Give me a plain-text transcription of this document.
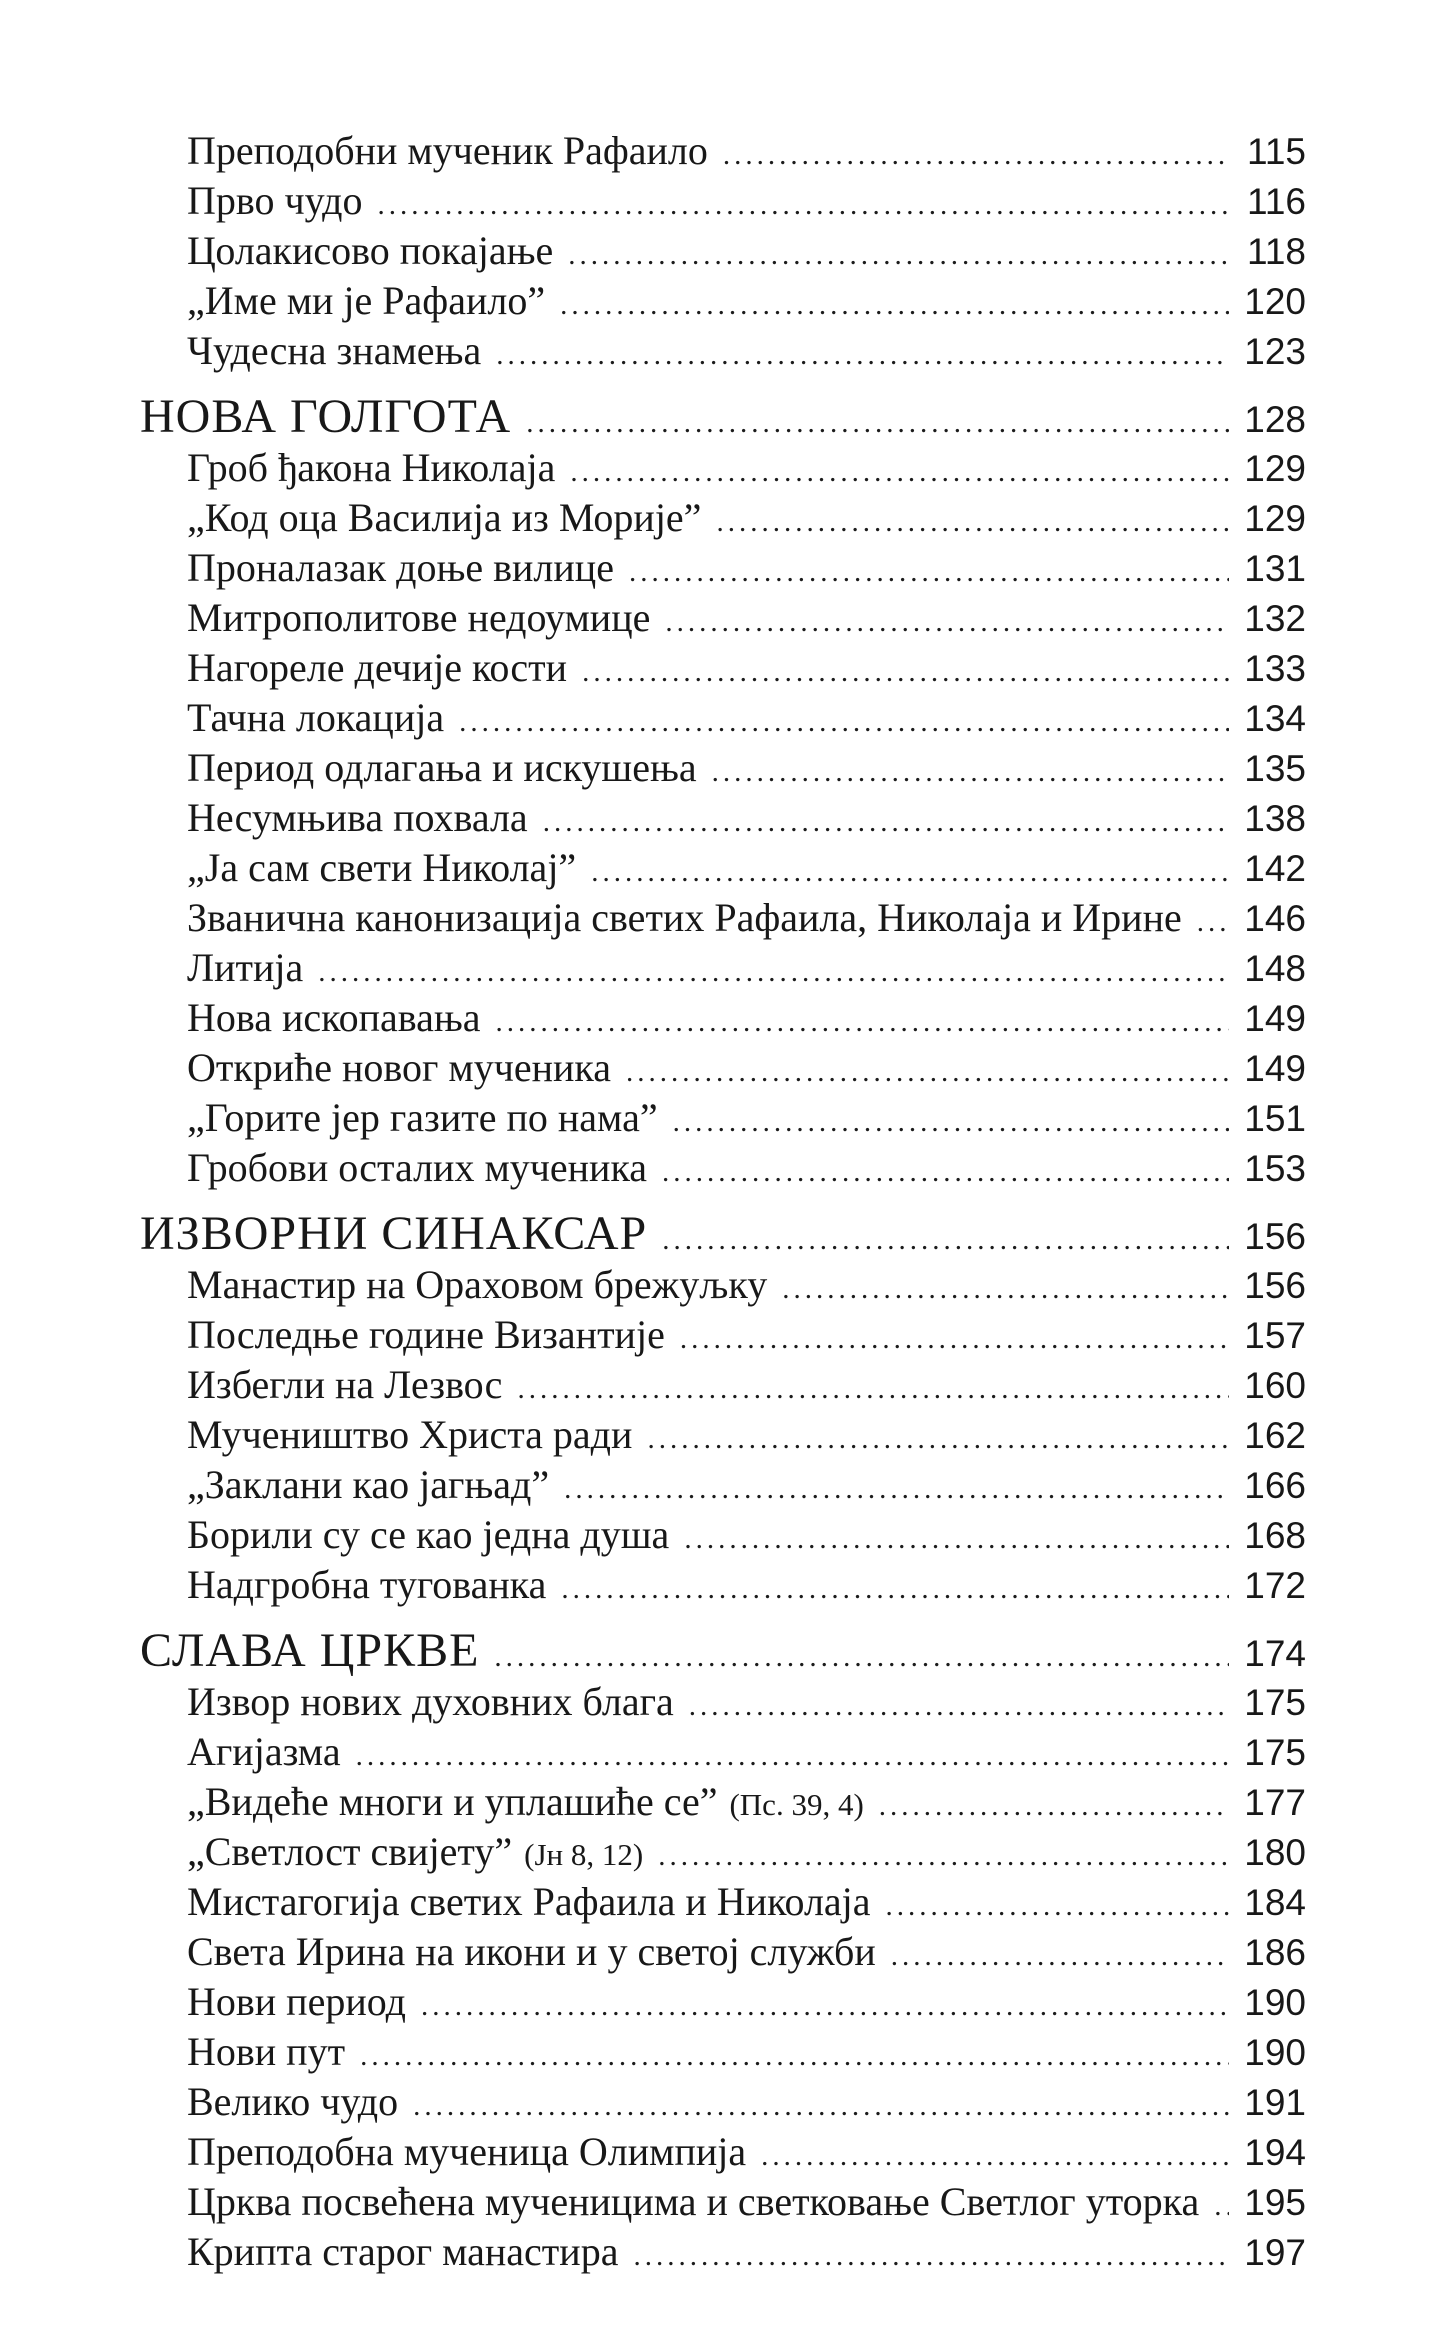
Преподобни мученик Рафаило .....	115
Прво чудо .....	116
Цолакисово покајање .....	118
„Име ми је Рафаило” .....	120
Чудесна знамења .....	123
НОВА ГОЛГОТА .....	128
Гроб ђакона Николаја .....	129
„Код оца Василија из Морије” .....	129
Проналазак доње вилице .....	131
Митрополитове недоумице .....	132
Нагореле дечије кости .....	133
Тачна локација .....	134
Период одлагања и искушења .....	135
Несумњива похвала .....	138
„Ја сам свети Николај” .....	142
Званична канонизација светих Рафаила, Николаја и Ирине ..... 146
Литија .....	148
Нова ископавања .....	149
Откриће новог мученика .....	149
„Горите јер газите по нама” .....	151
Гробови осталих мученика .....	153
ИЗВОРНИ СИНАКСАР .....	156
Манастир на Ораховом брежуљку .....	156
Последње године Византије .....	157
Избегли на Лезвос .....	160
Мучеништво Христа ради .....	162
„Заклани као јагњад” .....	166
Борили су се као једна душа .....	168
Надгробна тугованка .....	172
СЛАВА ЦРКВЕ .....	174
Извор нових духовних блага .....	175
Агијазма .....	175
„Видеће многи и уплашиће се” (Пс. 39, 4) .....	177
„Светлост свијету” (Јн 8, 12) .....	180
Мистагогија светих Рафаила и Николаја .....	184
Света Ирина на икони и у светој служби .....	186
Нови период .....	190
Нови пут .....	190
Велико чудо .....	191
Преподобна мученица Олимпија .....	194
Црква посвећена мученицима и светковање Светлог уторка ..... 195
Крипта старог манастира .....	197
